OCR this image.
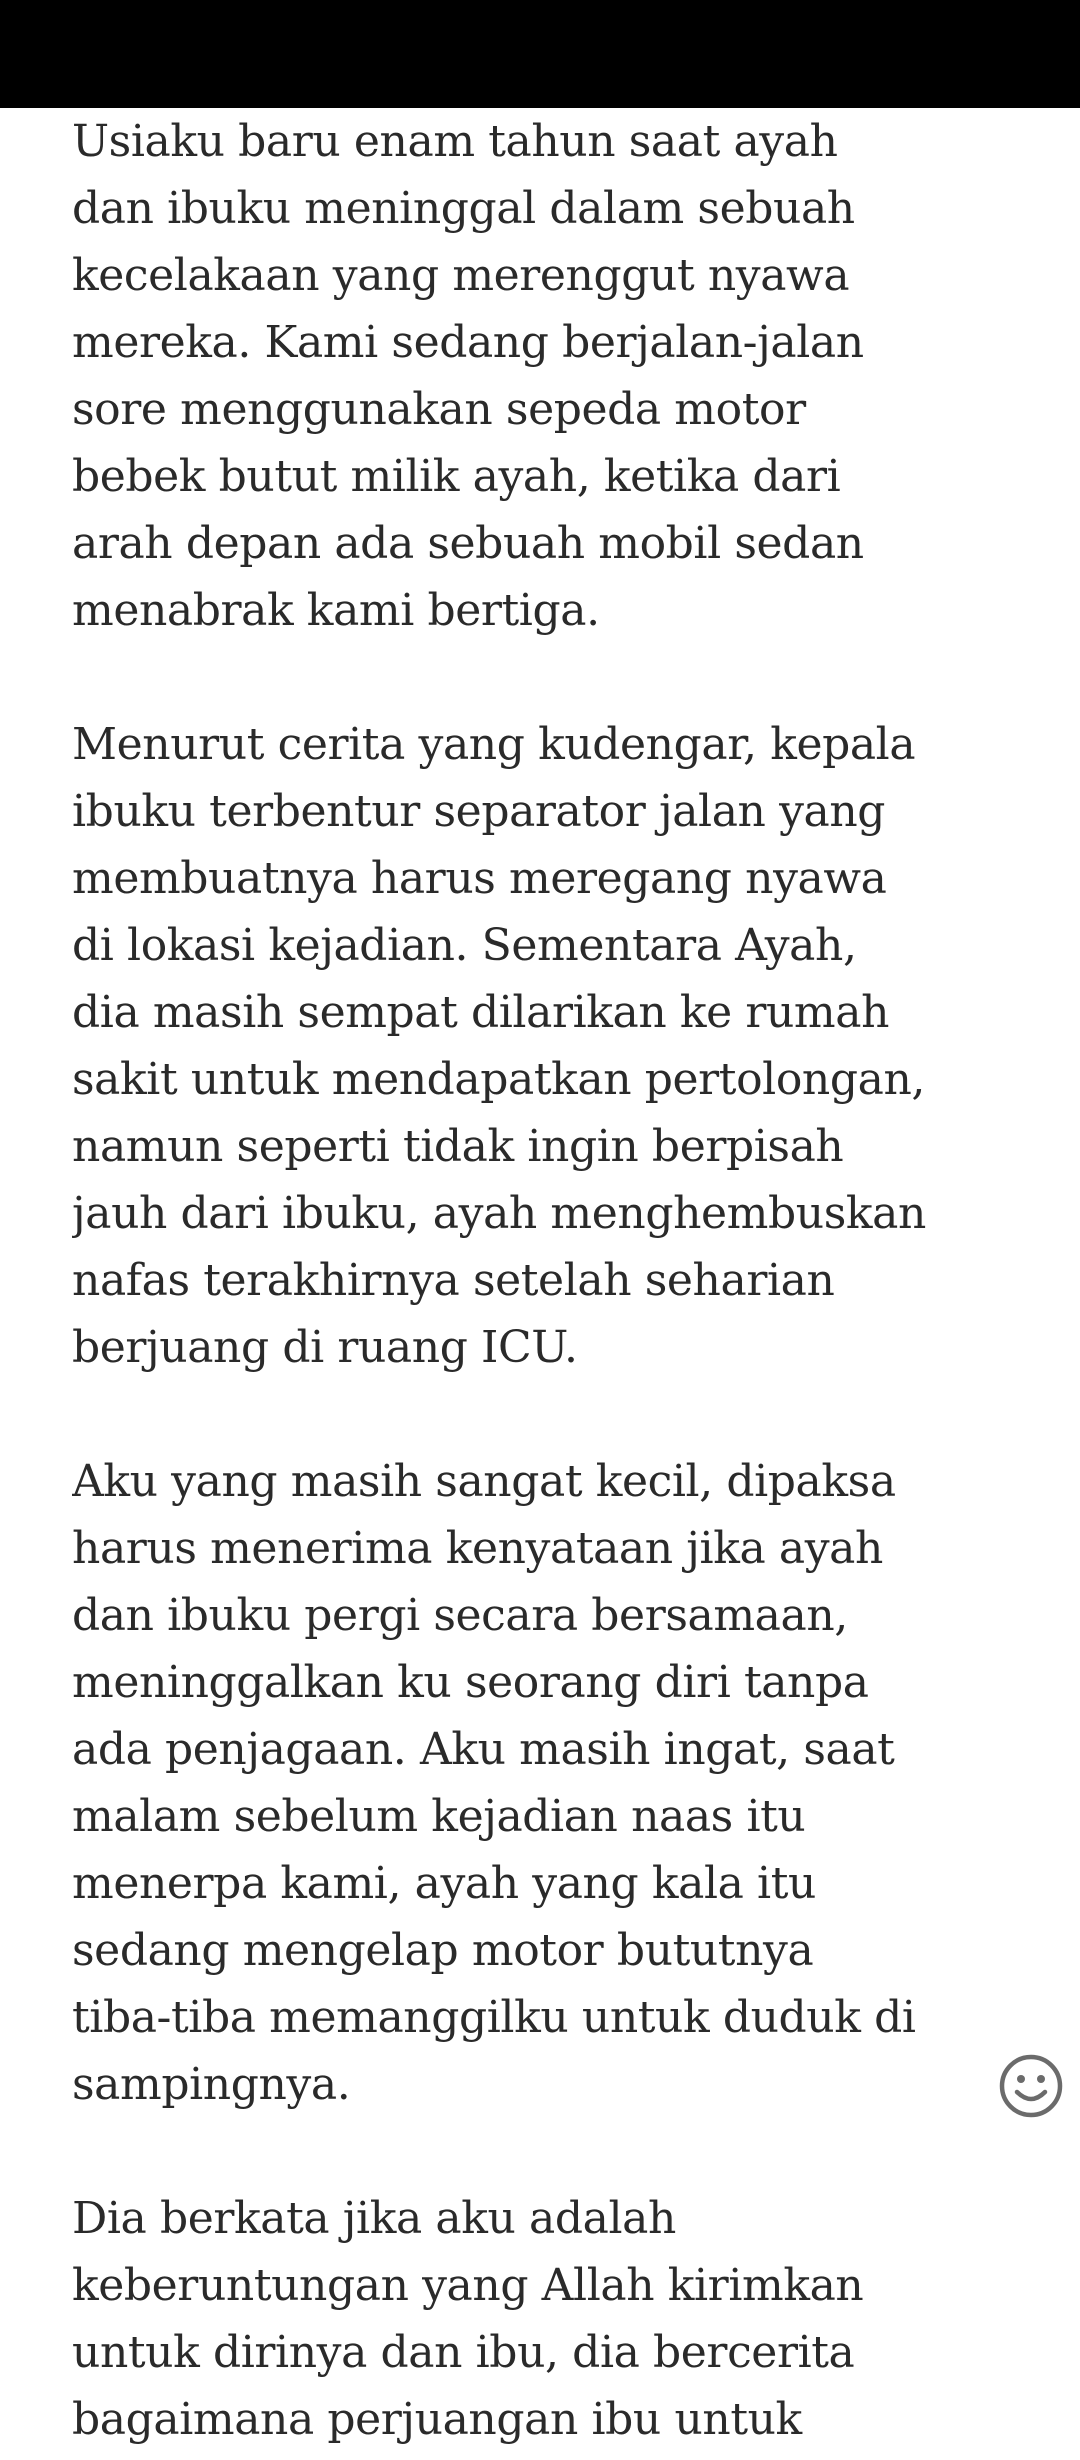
Usiaku baru enam tahun saat ayah
dan ibuku meninggal dalam sebuah
kecelakaan yang merenggut nyawa
mereka. Kami sedang berjalan-jalan
sore menggunakan sepeda motor
bebek butut milik ayah, ketika dari
arah depan ada sebuah mobil sedan
menabrak kami bertiga.

Menurut cerita yang kudengar, kepala
ibuku terbentur separator jalan yang
membuatnya harus meregang nyawa
di lokasi kejadian. Sementara Ayah,
dia masih sempat dilarikan ke rumah
sakit untuk mendapatkan pertolongan,
namun seperti tidak ingin berpisah
jauh dari ibuku, ayah menghembuskan
nafas terakhirnya setelah seharian
berjuang di ruang ICU.

Aku yang masih sangat kecil, dipaksa
harus menerima kenyataan jika ayah
dan ibuku pergi secara bersamaan,
meninggalkan ku seorang diri tanpa
ada penjagaan. Aku masih ingat, saat
malam sebelum kejadian naas itu
menerpa kami, ayah yang kala itu
sedang mengelap motor bututnya
tiba-tiba memanggilku untuk duduk di
sampingnya.

Dia berkata jika aku adalah
keberuntungan yang Allah kirimkan
untuk dirinya dan ibu, dia bercerita
bagaimana perjuangan ibu untuk
